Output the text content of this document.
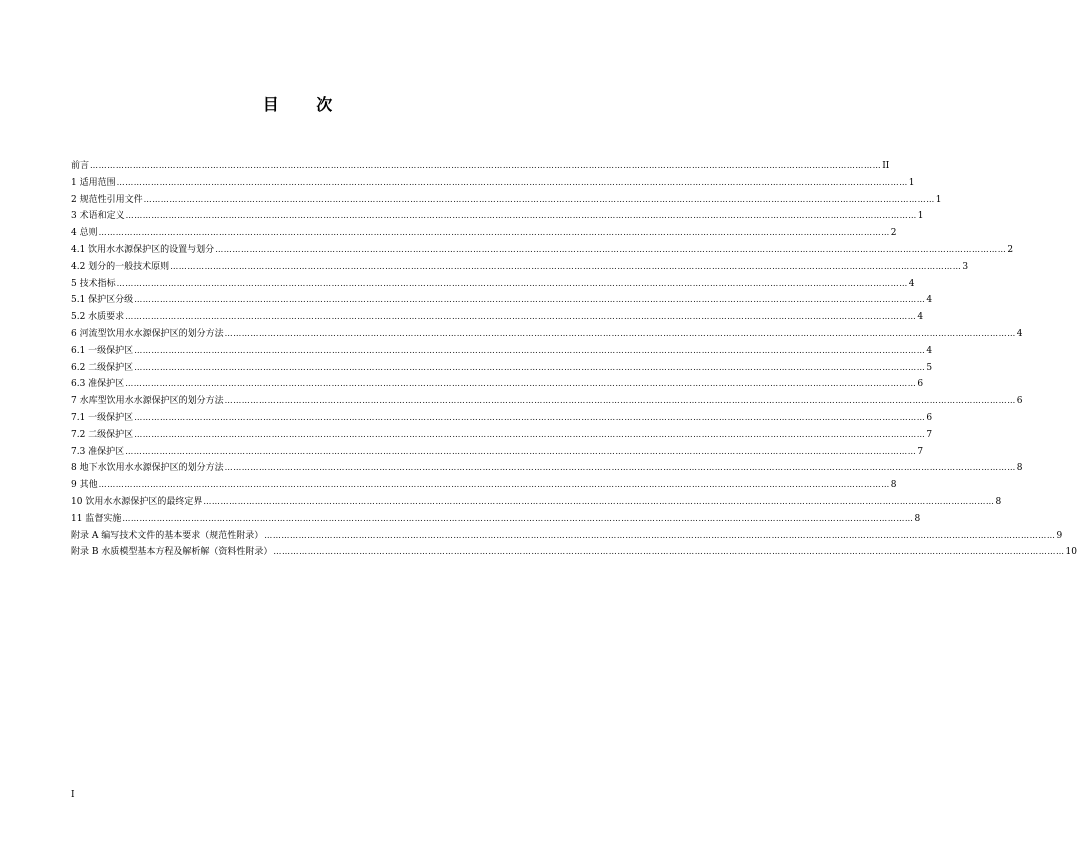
目 次
前言 …………………………………………………………………………………………………………………………………………………………………………………………………………………………………………………… II
1 适用范围 …………………………………………………………………………………………………………………………………………………………………………………………………………………………………………………… 1
2 规范性引用文件 …………………………………………………………………………………………………………………………………………………………………………………………………………………………………………………… 1
3 术语和定义 …………………………………………………………………………………………………………………………………………………………………………………………………………………………………………………… 1
4 总则 …………………………………………………………………………………………………………………………………………………………………………………………………………………………………………………… 2
4.1 饮用水水源保护区的设置与划分 …………………………………………………………………………………………………………………………………………………………………………………………………………………………………………………… 2
4.2 划分的一般技术原则 …………………………………………………………………………………………………………………………………………………………………………………………………………………………………………………… 3
5 技术指标 …………………………………………………………………………………………………………………………………………………………………………………………………………………………………………………… 4
5.1 保护区分级 …………………………………………………………………………………………………………………………………………………………………………………………………………………………………………………… 4
5.2 水质要求 …………………………………………………………………………………………………………………………………………………………………………………………………………………………………………………… 4
6 河流型饮用水水源保护区的划分方法 …………………………………………………………………………………………………………………………………………………………………………………………………………………………………………………… 4
6.1 一级保护区 …………………………………………………………………………………………………………………………………………………………………………………………………………………………………………………… 4
6.2 二级保护区 …………………………………………………………………………………………………………………………………………………………………………………………………………………………………………………… 5
6.3 准保护区 …………………………………………………………………………………………………………………………………………………………………………………………………………………………………………………… 6
7 水库型饮用水水源保护区的划分方法 …………………………………………………………………………………………………………………………………………………………………………………………………………………………………………………… 6
7.1 一级保护区 …………………………………………………………………………………………………………………………………………………………………………………………………………………………………………………… 6
7.2 二级保护区 …………………………………………………………………………………………………………………………………………………………………………………………………………………………………………………… 7
7.3 准保护区 …………………………………………………………………………………………………………………………………………………………………………………………………………………………………………………… 7
8 地下水饮用水水源保护区的划分方法 …………………………………………………………………………………………………………………………………………………………………………………………………………………………………………………… 8
9 其他 …………………………………………………………………………………………………………………………………………………………………………………………………………………………………………………… 8
10 饮用水水源保护区的最终定界 …………………………………………………………………………………………………………………………………………………………………………………………………………………………………………………… 8
11 监督实施 …………………………………………………………………………………………………………………………………………………………………………………………………………………………………………………… 8
附录 A 编写技术文件的基本要求（规范性附录） …………………………………………………………………………………………………………………………………………………………………………………………………………………………………………………… 9
附录 B 水质模型基本方程及解析解（资料性附录） …………………………………………………………………………………………………………………………………………………………………………………………………………………………………………………… 10
I
